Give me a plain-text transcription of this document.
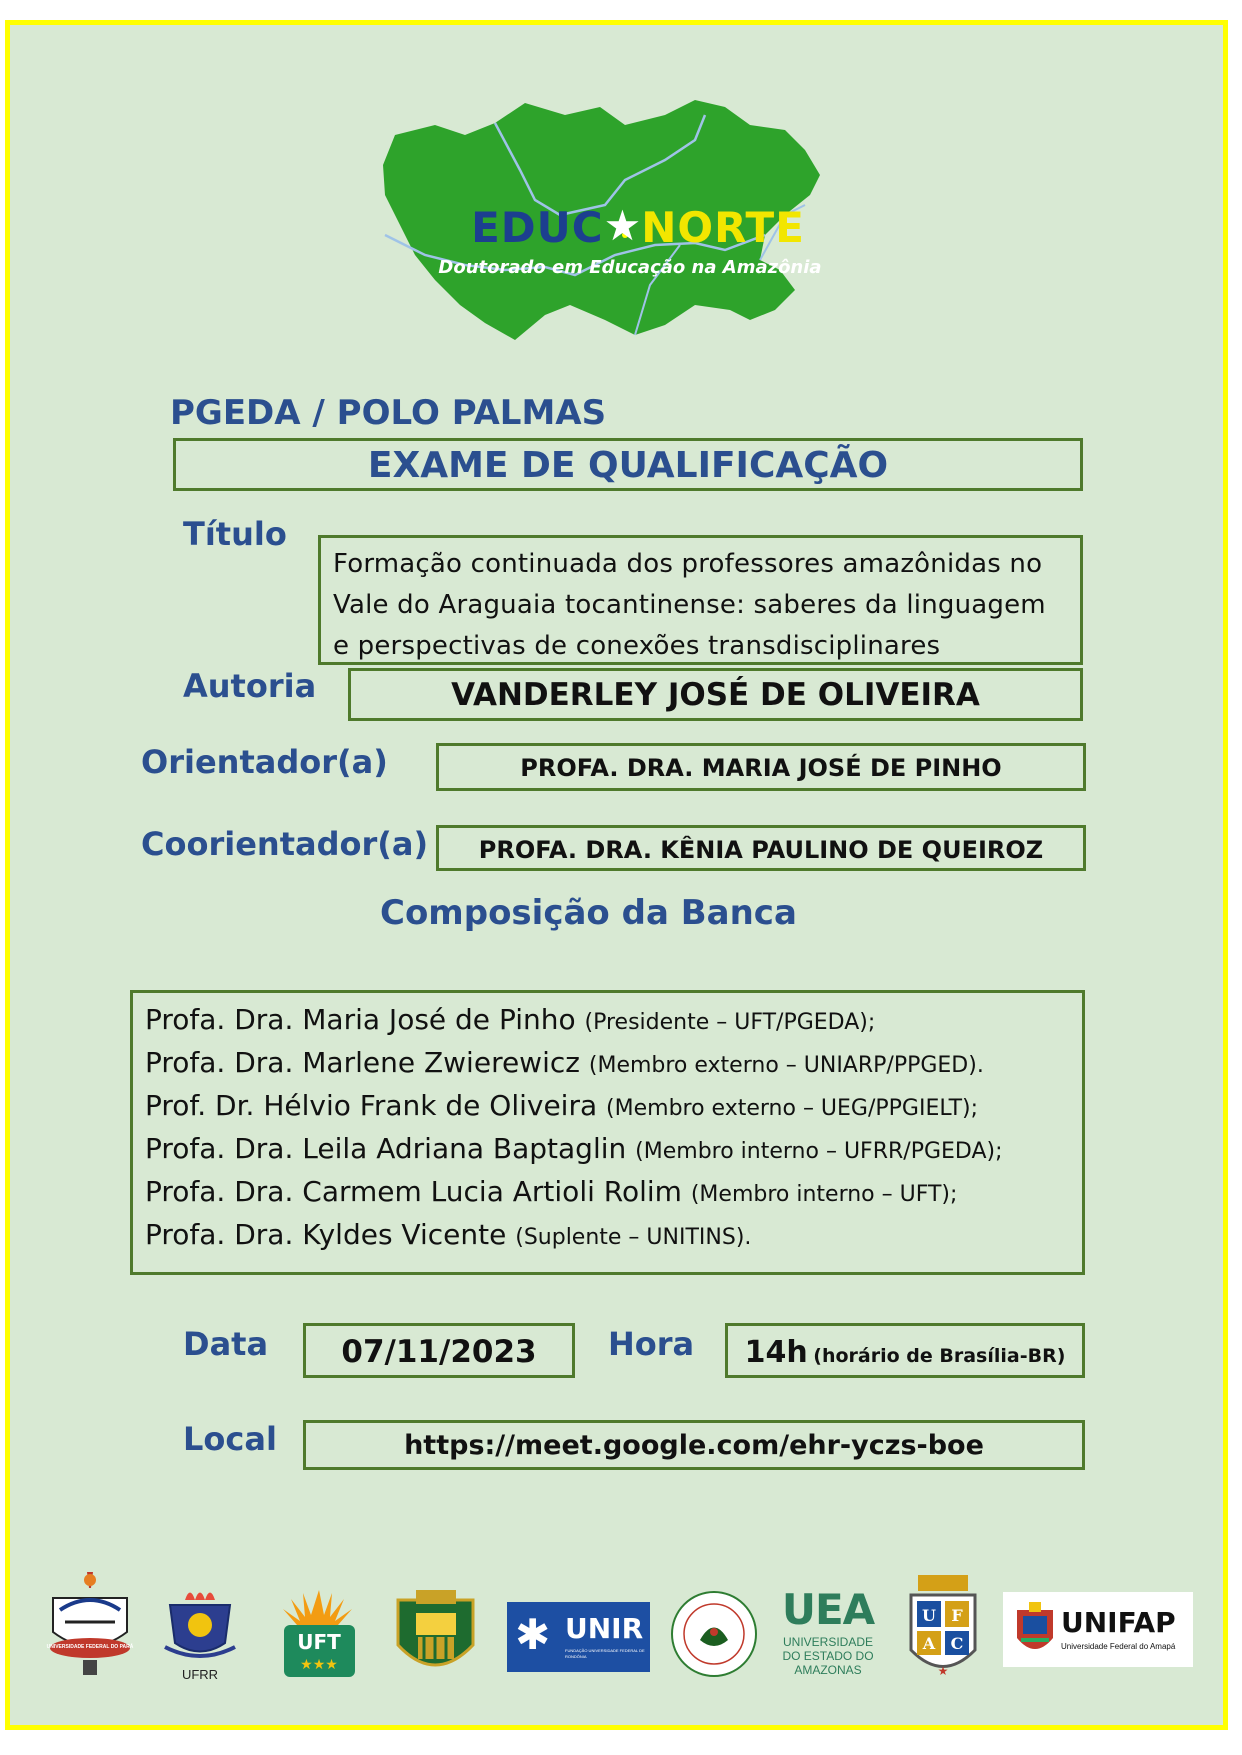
EDUC★NORTE
Doutorado em Educação na Amazônia
PGEDA / POLO PALMAS
EXAME DE QUALIFICAÇÃO
Título
Formação continuada dos professores amazônidas no
Vale do Araguaia tocantinense: saberes da linguagem
e perspectivas de conexões transdisciplinares
Autoria	VANDERLEY JOSÉ DE OLIVEIRA
Orientador(a)	PROFA. DRA. MARIA JOSÉ DE PINHO
Coorientador(a)	PROFA. DRA. KÊNIA PAULINO DE QUEIROZ
Composição da Banca
Profa. Dra. Maria José de Pinho (Presidente – UFT/PGEDA);
Profa. Dra. Marlene Zwierewicz (Membro externo – UNIARP/PPGED).
Prof. Dr. Hélvio Frank de Oliveira (Membro externo – UEG/PPGIELT);
Profa. Dra. Leila Adriana Baptaglin (Membro interno – UFRR/PGEDA);
Profa. Dra. Carmem Lucia Artioli Rolim (Membro interno – UFT);
Profa. Dra. Kyldes Vicente (Suplente – UNITINS).
Data	07/11/2023	Hora	14h (horário de Brasília-BR)
Local	https://meet.google.com/ehr-yczs-boe
UNIVERSIDADE FEDERAL DO PARÁ
UFRR
UFT
★★★
✱ UNIR
FUNDAÇÃO UNIVERSIDADE FEDERAL DE RONDÔNIA
UEA
UNIVERSIDADE DO ESTADO DO AMAZONAS
U F
A C
★
UNIFAP
Universidade Federal do Amapá
